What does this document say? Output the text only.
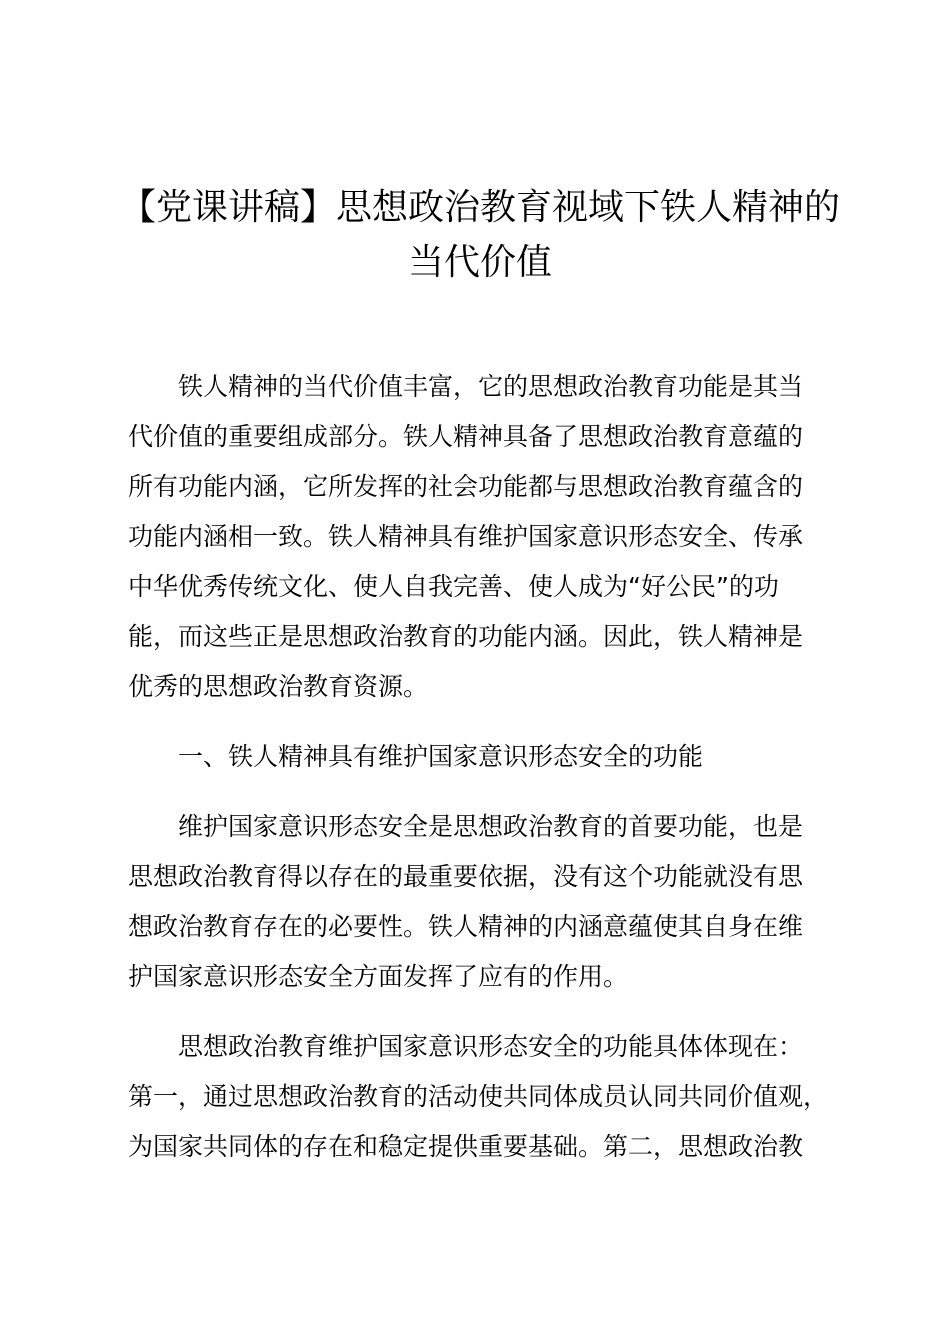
【党课讲稿】思想政治教育视域下铁人精神的
当代价值

铁人精神的当代价值丰富，它的思想政治教育功能是其当
代价值的重要组成部分。铁人精神具备了思想政治教育意蕴的
所有功能内涵，它所发挥的社会功能都与思想政治教育蕴含的
功能内涵相一致。铁人精神具有维护国家意识形态安全、传承
中华优秀传统文化、使人自我完善、使人成为“好公民”的功
能，而这些正是思想政治教育的功能内涵。因此，铁人精神是
优秀的思想政治教育资源。

一、铁人精神具有维护国家意识形态安全的功能

维护国家意识形态安全是思想政治教育的首要功能，也是
思想政治教育得以存在的最重要依据，没有这个功能就没有思
想政治教育存在的必要性。铁人精神的内涵意蕴使其自身在维
护国家意识形态安全方面发挥了应有的作用。

思想政治教育维护国家意识形态安全的功能具体体现在：
第一，通过思想政治教育的活动使共同体成员认同共同价值观，
为国家共同体的存在和稳定提供重要基础。第二，思想政治教
